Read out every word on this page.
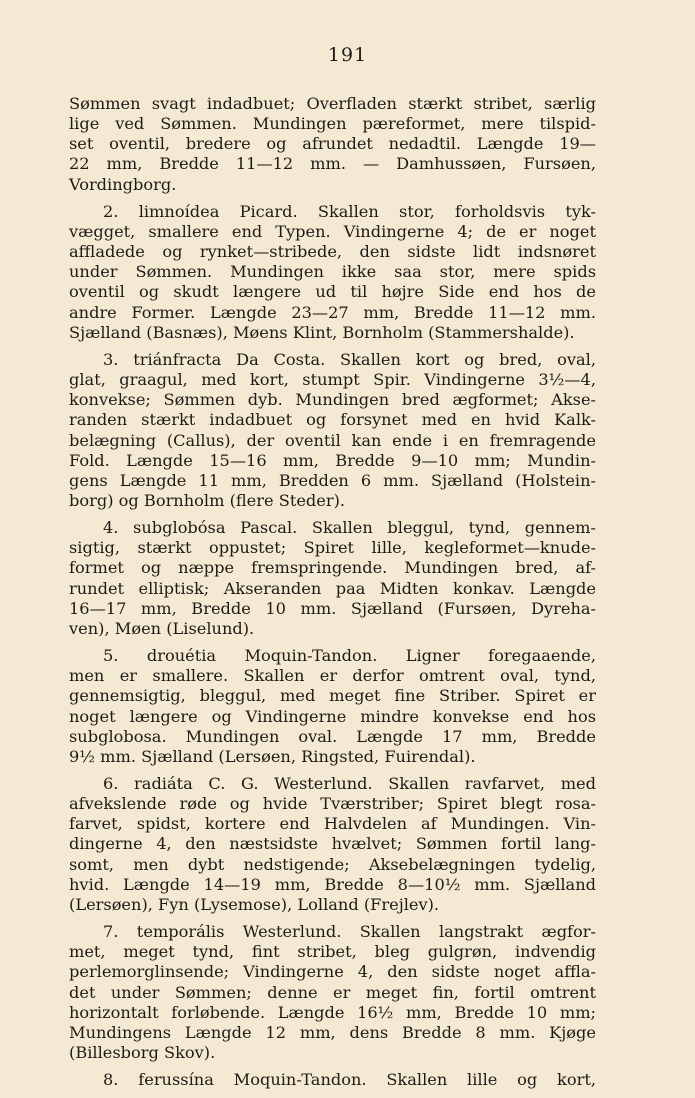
191
Sømmen svagt indadbuet; Overfladen stærkt stribet, særlig
lige ved Sømmen. Mundingen pæreformet, mere tilspid-
set oventil, bredere og afrundet nedadtil. Længde 19—
22 mm, Bredde 11—12 mm. — Damhussøen, Fursøen,
Vordingborg.
2. limnoídea Picard. Skallen stor, forholdsvis tyk-
vægget, smallere end Typen. Vindingerne 4; de er noget
affladede og rynket—stribede, den sidste lidt indsnøret
under Sømmen. Mundingen ikke saa stor, mere spids
oventil og skudt længere ud til højre Side end hos de
andre Former. Længde 23—27 mm, Bredde 11—12 mm.
Sjælland (Basnæs), Møens Klint, Bornholm (Stammershalde).
3. triánfracta Da Costa. Skallen kort og bred, oval,
glat, graagul, med kort, stumpt Spir. Vindingerne 3½—4,
konvekse; Sømmen dyb. Mundingen bred ægformet; Akse-
randen stærkt indadbuet og forsynet med en hvid Kalk-
belægning (Callus), der oventil kan ende i en fremragende
Fold. Længde 15—16 mm, Bredde 9—10 mm; Mundin-
gens Længde 11 mm, Bredden 6 mm. Sjælland (Holstein-
borg) og Bornholm (flere Steder).
4. subglobósa Pascal. Skallen bleggul, tynd, gennem-
sigtig, stærkt oppustet; Spiret lille, kegleformet—knude-
formet og næppe fremspringende. Mundingen bred, af-
rundet elliptisk; Akseranden paa Midten konkav. Længde
16—17 mm, Bredde 10 mm. Sjælland (Fursøen, Dyreha-
ven), Møen (Liselund).
5. drouétia Moquin-Tandon. Ligner foregaaende,
men er smallere. Skallen er derfor omtrent oval, tynd,
gennemsigtig, bleggul, med meget fine Striber. Spiret er
noget længere og Vindingerne mindre konvekse end hos
subglobosa. Mundingen oval. Længde 17 mm, Bredde
9½ mm. Sjælland (Lersøen, Ringsted, Fuirendal).
6. radiáta C. G. Westerlund. Skallen ravfarvet, med
afvekslende røde og hvide Tværstriber; Spiret blegt rosa-
farvet, spidst, kortere end Halvdelen af Mundingen. Vin-
dingerne 4, den næstsidste hvælvet; Sømmen fortil lang-
somt, men dybt nedstigende; Aksebelægningen tydelig,
hvid. Længde 14—19 mm, Bredde 8—10½ mm. Sjælland
(Lersøen), Fyn (Lysemose), Lolland (Frejlev).
7. temporális Westerlund. Skallen langstrakt ægfor-
met, meget tynd, fint stribet, bleg gulgrøn, indvendig
perlemorglinsende; Vindingerne 4, den sidste noget affla-
det under Sømmen; denne er meget fin, fortil omtrent
horizontalt forløbende. Længde 16½ mm, Bredde 10 mm;
Mundingens Længde 12 mm, dens Bredde 8 mm. Kjøge
(Billesborg Skov).
8. ferussína Moquin-Tandon. Skallen lille og kort,
